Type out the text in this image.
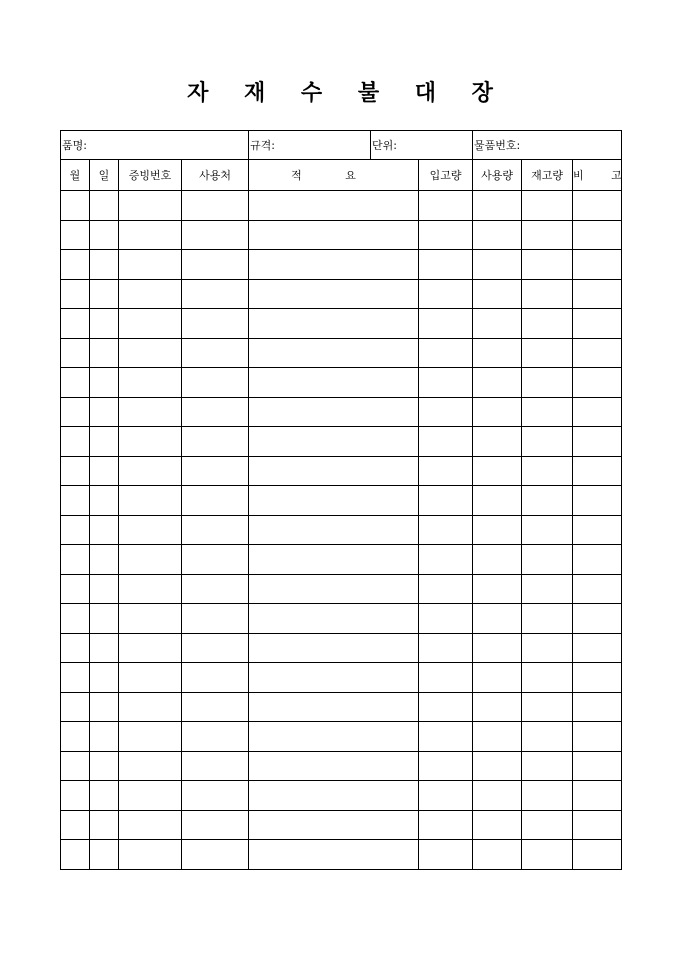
자 재 수 불 대 장
품명:				규격:	단위:		물품번호:		
월	일	증빙번호	사용처	적 요		입고량	사용량	재고량	비 고
